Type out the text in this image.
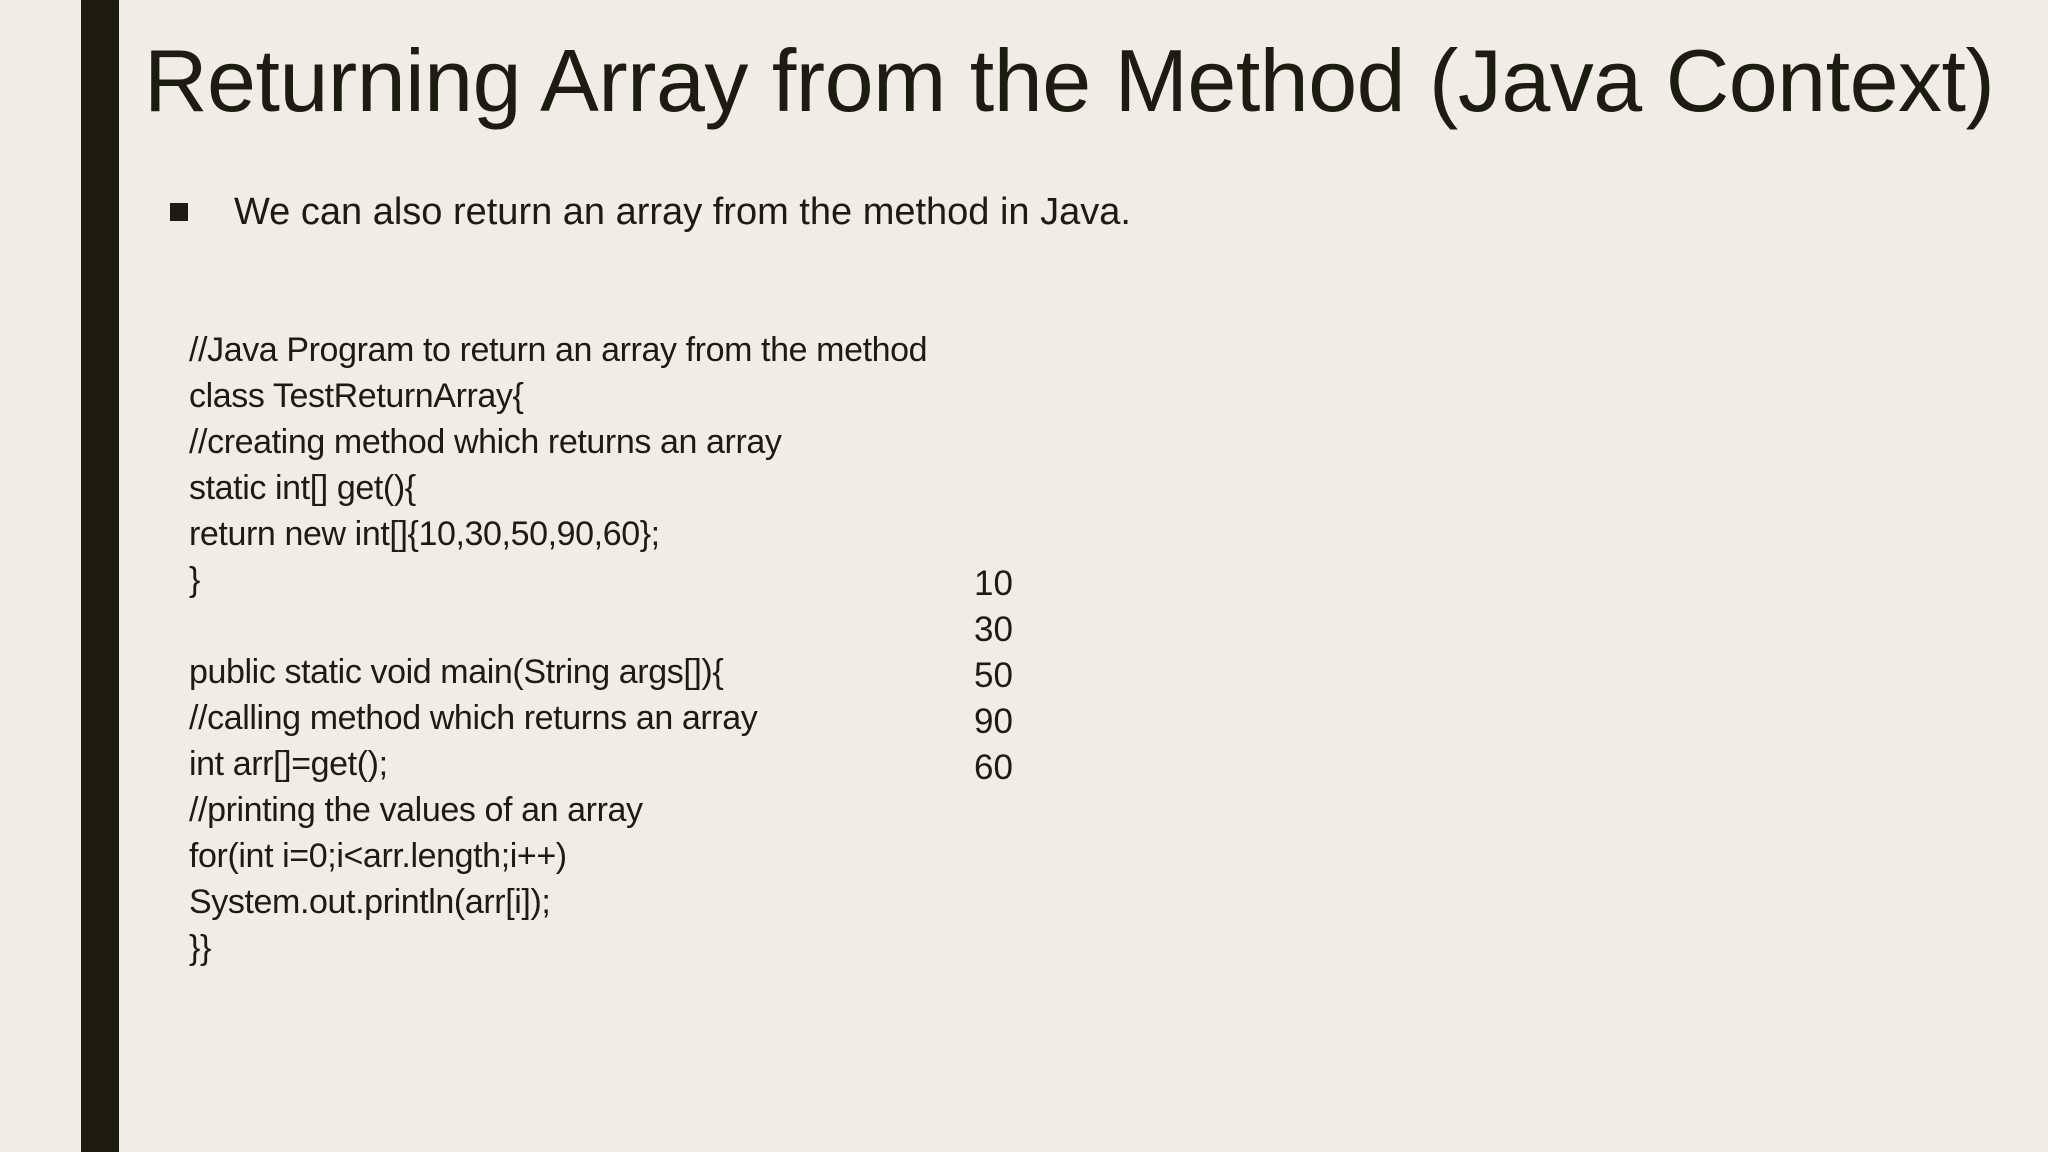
Returning Array from the Method (Java Context)
We can also return an array from the method in Java.
//Java Program to return an array from the method
class TestReturnArray{
//creating method which returns an array
static int[] get(){
return new int[]{10,30,50,90,60};
}
public static void main(String args[]){
//calling method which returns an array
int arr[]=get();
//printing the values of an array
for(int i=0;i<arr.length;i++)
System.out.println(arr[i]);
}}
10
30
50
90
60
